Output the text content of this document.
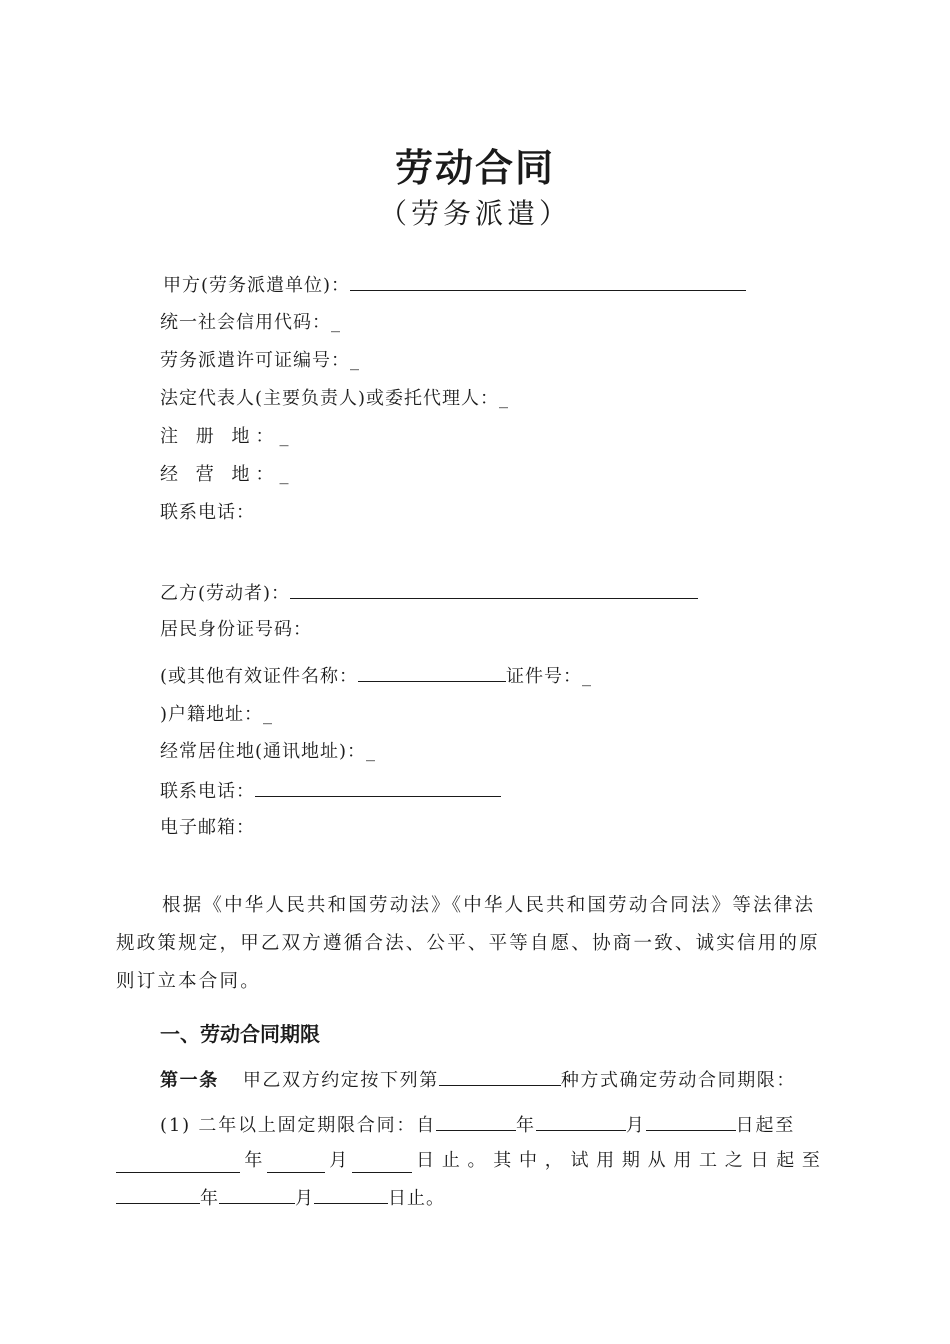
劳动合同
（劳务派遣）
甲方(劳务派遣单位)：
统一社会信用代码：_
劳务派遣许可证编号：_
法定代表人(主要负责人)或委托代理人：_
注 册 地：_
经 营 地：_
联系电话：
乙方(劳动者)：
居民身份证号码：
(或其他有效证件名称：	证件号：_
)户籍地址：_
经常居住地(通讯地址)：_
联系电话：
电子邮箱：
根据《中华人民共和国劳动法》《中华人民共和国劳动合同法》等法律法规政策规定，甲乙双方遵循合法、公平、平等自愿、协商一致、诚实信用的原则订立本合同。
一、劳动合同期限
第一条 甲乙双方约定按下列第	种方式确定劳动合同期限：
(1) 二年以上固定期限合同：自	年	月	日起至
年	月	日 止 。 其 中 ， 试 用 期 从 用 工 之 日 起 至
年	月	日止。
